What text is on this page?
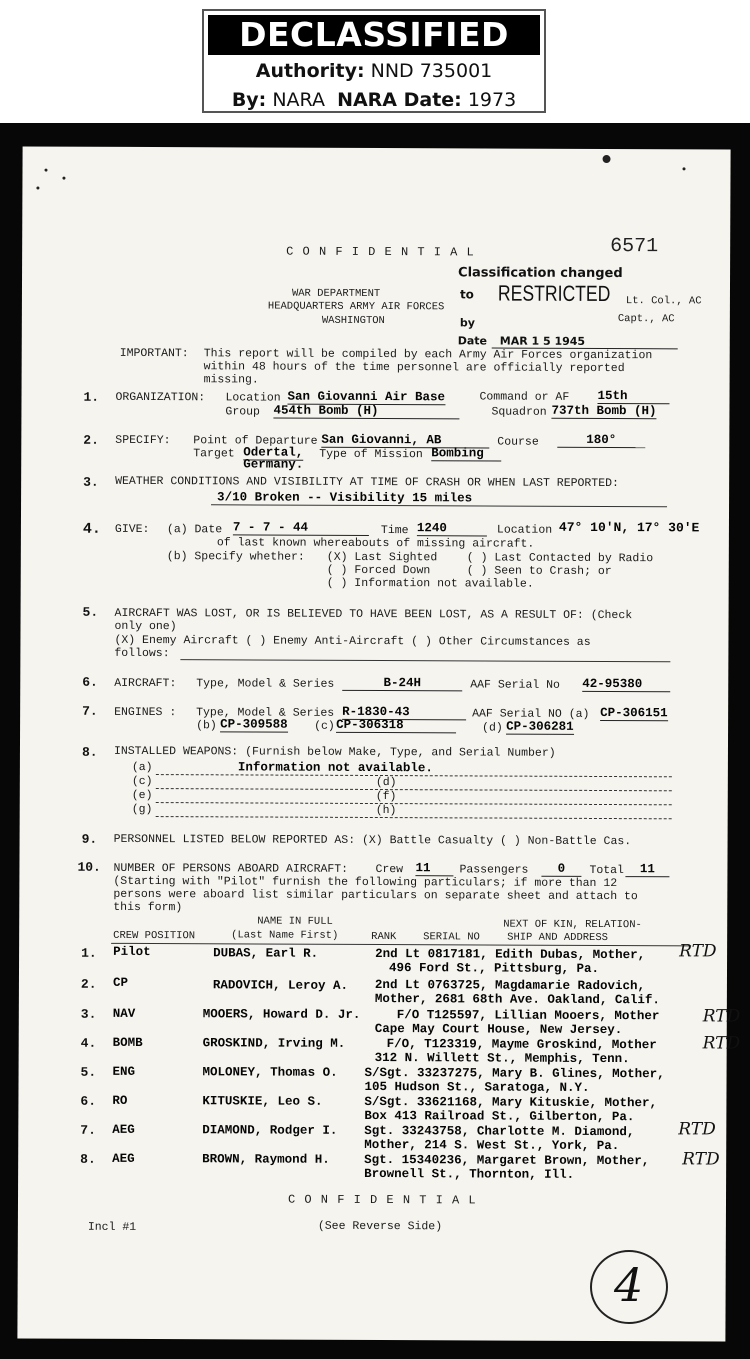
DECLASSIFIED
Authority: NND 735001
By: NARA NARA Date: 1973
C O N F I D E N T I A L	6571
WAR DEPARTMENT
HEADQUARTERS ARMY AIR FORCES
WASHINGTON
Classification changed
to RESTRICTED Lt. Col., AC
by	Capt., AC
Date MAR 1 5 1945
IMPORTANT: This report will be compiled by each Army Air Forces organization
within 48 hours of the time personnel are officially reported
missing.
1. ORGANIZATION: Location San Giovanni Air Base	Command or AF 15th
Group 454th Bomb (H)	Squadron 737th Bomb (H)
2. SPECIFY: Point of Departure San Giovanni, AB	Course	180°
Target Odertal,
Germany.
Type of Mission Bombing
3. WEATHER CONDITIONS AND VISIBILITY AT TIME OF CRASH OR WHEN LAST REPORTED:
3/10 Broken -- Visibility 15 miles
4. GIVE: (a) Date 7 - 7 - 44	Time 1240	Location 47° 10'N, 17° 30'E
of last known whereabouts of missing aircraft.
(b) Specify whether: (X) Last Sighted	( ) Last Contacted by Radio
( ) Forced Down	( ) Seen to Crash; or
( ) Information not available.
5. AIRCRAFT WAS LOST, OR IS BELIEVED TO HAVE BEEN LOST, AS A RESULT OF: (Check
only one)
(X) Enemy Aircraft ( ) Enemy Anti-Aircraft ( ) Other Circumstances as
follows:
6. AIRCRAFT: Type, Model & Series	B-24H	AAF Serial No 42-95380
7. ENGINES : Type, Model & Series R-1830-43	AAF Serial NO (a) CP-306151
(b) CP-309588 (c) CP-306318	(d) CP-306281
8. INSTALLED WEAPONS: (Furnish below Make, Type, and Serial Number)
(a)	Information not available.
(c)
(e)
(g)
(d)
(f)
(h)
9. PERSONNEL LISTED BELOW REPORTED AS: (X) Battle Casualty ( ) Non-Battle Cas.
10. NUMBER OF PERSONS ABOARD AIRCRAFT: Crew 11	Passengers	0	Total	11
(Starting with "Pilot" furnish the following particulars; if more than 12
persons were aboard list similar particulars on separate sheet and attach to
this form)
NAME IN FULL	NEXT OF KIN, RELATION-
CREW POSITION	(Last Name First)	RANK	SERIAL NO	SHIP AND ADDRESS
1. Pilot	DUBAS, Earl R.	2nd Lt 0817181, Edith Dubas, Mother,
496 Ford St., Pittsburg, Pa.
RTD
2. CP	RADOVICH, Leroy A. 2nd Lt 0763725, Magdamarie Radovich,
Mother, 2681 68th Ave. Oakland, Calif.
3. NAV	MOOERS, Howard D. Jr.	F/O T125597, Lillian Mooers, Mother
Cape May Court House, New Jersey.
RTD
4. BOMB	GROSKIND, Irving M.	F/O, T123319, Mayme Groskind, Mother
312 N. Willett St., Memphis, Tenn.
RTD
5. ENG	MOLONEY, Thomas O. S/Sgt. 33237275, Mary B. Glines, Mother,
105 Hudson St., Saratoga, N.Y.
6. RO	KITUSKIE, Leo S.	S/Sgt. 33621168, Mary Kituskie, Mother,
Box 413 Railroad St., Gilberton, Pa.
7. AEG	DIAMOND, Rodger I. Sgt. 33243758, Charlotte M. Diamond,
Mother, 214 S. West St., York, Pa.
RTD
8. AEG	BROWN, Raymond H.	Sgt. 15340236, Margaret Brown, Mother,
Brownell St., Thornton, Ill.
RTD
C O N F I D E N T I A L
Incl #1	(See Reverse Side)
4
